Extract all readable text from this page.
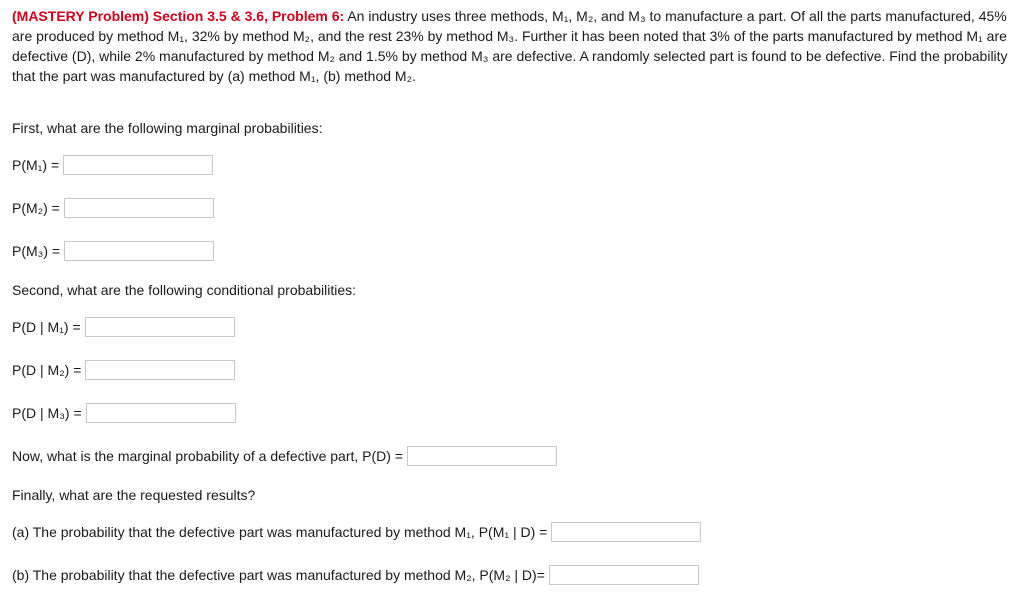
(MASTERY Problem) Section 3.5 & 3.6, Problem 6: An industry uses three methods, M₁, M₂, and M₃ to manufacture a part. Of all the parts manufactured, 45% are produced by method M₁, 32% by method M₂, and the rest 23% by method M₃. Further it has been noted that 3% of the parts manufactured by method M₁ are defective (D), while 2% manufactured by method M₂ and 1.5% by method M₃ are defective. A randomly selected part is found to be defective. Find the probability that the part was manufactured by (a) method M₁, (b) method M₂.
First, what are the following marginal probabilities:
P(M₁) =
P(M₂) =
P(M₃) =
Second, what are the following conditional probabilities:
P(D | M₁) =
P(D | M₂) =
P(D | M₃) =
Now, what is the marginal probability of a defective part, P(D) =
Finally, what are the requested results?
(a) The probability that the defective part was manufactured by method M₁, P(M₁ | D) =
(b) The probability that the defective part was manufactured by method M₂, P(M₂ | D)=
